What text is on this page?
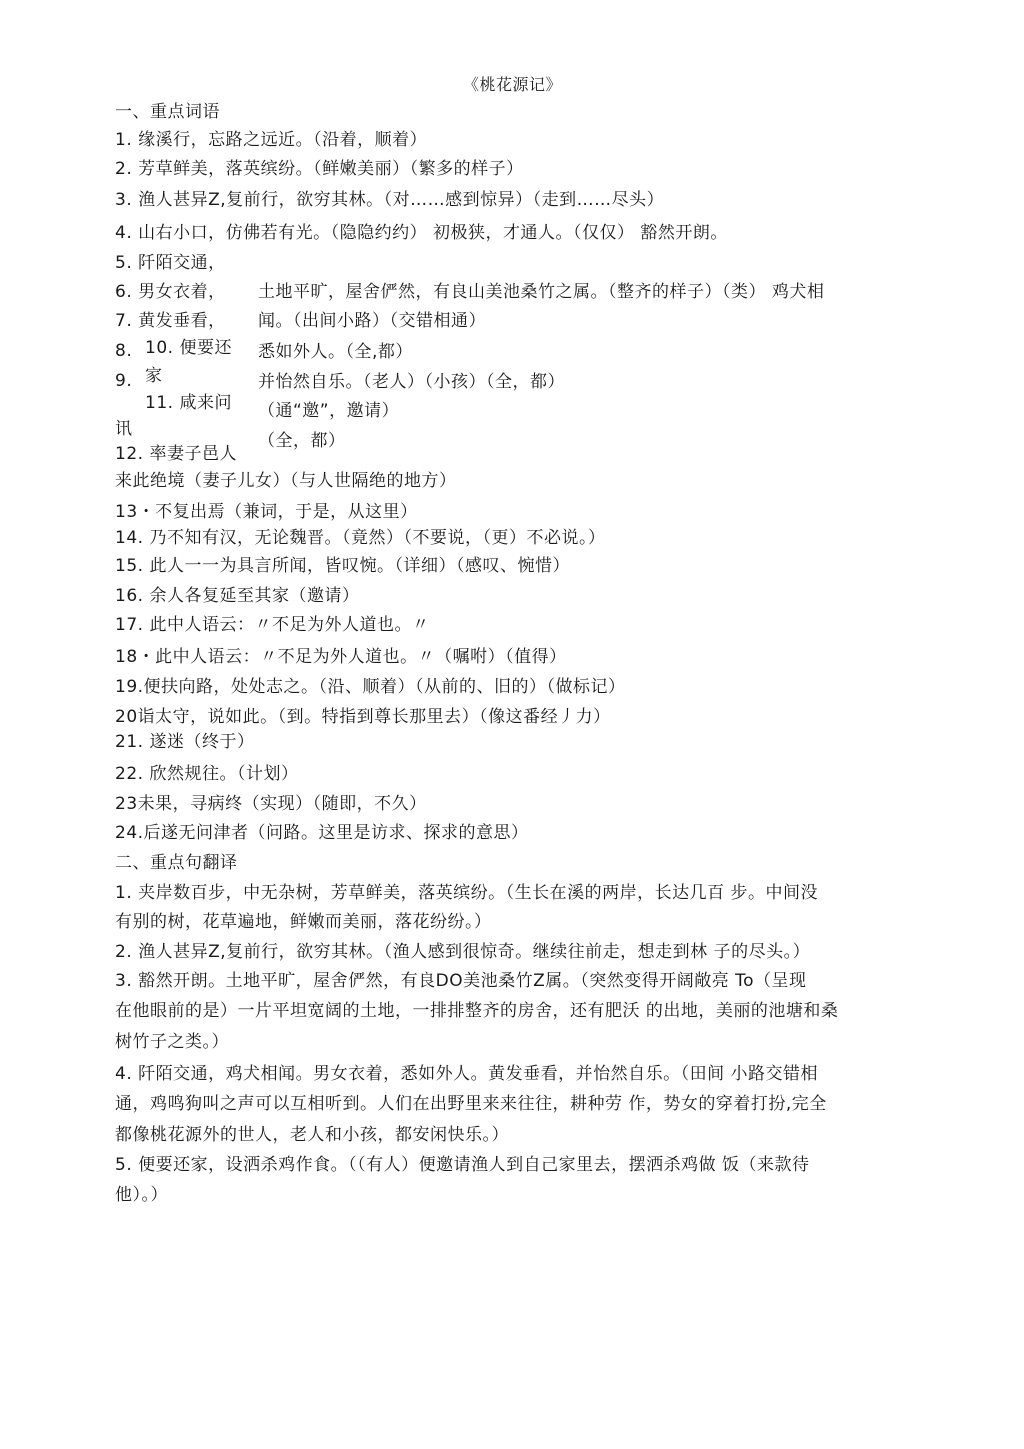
《桃花源记》
一、重点词语
1. 缘溪行，忘路之远近。（沿着，顺着）
2. 芳草鲜美，落英缤纷。（鲜嫩美丽）（繁多的样子）
3. 渔人甚异Z,复前行，欲穷其林。（对……感到惊异）（走到……尽头）
4. 山右小口，仿佛若有光。（隐隐约约） 初极狭，才通人。（仅仅） 豁然开朗。
5. 阡陌交通，
6. 男女衣着， 土地平旷，屋舍俨然，有良山美池桑竹之属。（整齐的样子）（类） 鸡犬相
7. 黄发垂看， 闻。（出间小路）（交错相通）
8. 10. 便要还
9. 家
11. 咸来问
讯
12. 率妻子邑人
悉如外人。（全,都）
并怡然自乐。（老人）（小孩）（全，都）
（通“邀”，邀请）
（全，都）
来此绝境（妻子儿女）（与人世隔绝的地方）
13・不复出焉（兼词，于是，从这里）
14. 乃不知有汉，无论魏晋。（竟然）（不要说，（更）不必说。）
15. 此人一一为具言所闻，皆叹惋。（详细）（感叹、惋惜）
16. 余人各复延至其家（邀请）
17. 此中人语云：〃不足为外人道也。〃
18・此中人语云：〃不足为外人道也。〃（嘱咐）（值得）
19.便扶向路，处处志之。（沿、顺着）（从前的、旧的）（做标记）
20诣太守，说如此。（到。特指到尊长那里去）（像这番经丿力）
21. 遂迷（终于）
22. 欣然规往。（计划）
23未果，寻病终（实现）（随即，不久）
24.后遂无问津者（问路。这里是访求、探求的意思）
二、重点句翻译
1. 夹岸数百步，中无杂树，芳草鲜美，落英缤纷。（生长在溪的两岸，长达几百 步。中间没
有别的树，花草遍地，鲜嫩而美丽，落花纷纷。）
2. 渔人甚异Z,复前行，欲穷其林。（渔人感到很惊奇。继续往前走，想走到林 子的尽头。）
3. 豁然开朗。土地平旷，屋舍俨然，有良DO美池桑竹Z属。（突然变得开阔敞亮 To（呈现
在他眼前的是）一片平坦宽阔的土地，一排排整齐的房舍，还有肥沃 的出地，美丽的池塘和桑
树竹子之类。）
4. 阡陌交通，鸡犬相闻。男女衣着，悉如外人。黄发垂看，并怡然自乐。（田间 小路交错相
通，鸡鸣狗叫之声可以互相听到。人们在出野里来来往往，耕种劳 作，势女的穿着打扮,完全
都像桃花源外的世人，老人和小孩，都安闲快乐。）
5. 便要还家，设洒杀鸡作食。（（有人）便邀请渔人到自己家里去，摆洒杀鸡做 饭（来款待
他）。）
